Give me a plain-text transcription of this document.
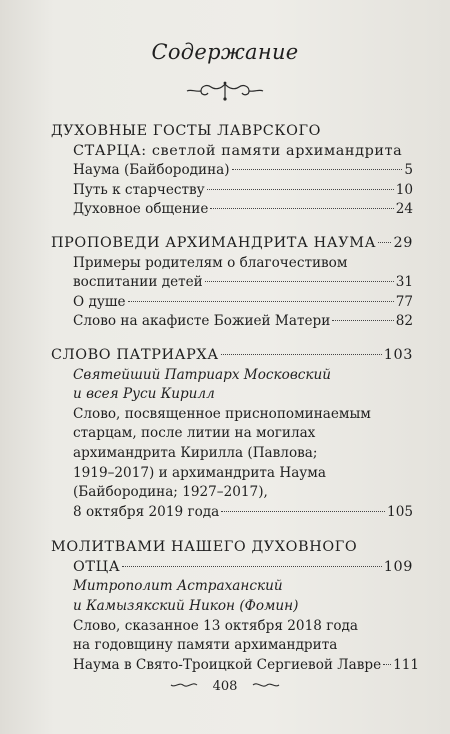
Содержание
ДУХОВНЫЕ ГОСТЫ ЛАВРСКОГО
СТАРЦА: светлой памяти архимандрита
Наума (Байбородина)	5
Путь к старчеству	10
Духовное общение	24
ПРОПОВЕДИ АРХИМАНДРИТА НАУМА 29
Примеры родителям о благочестивом
воспитании детей	31
О душе	77
Слово на акафисте Божией Матери	82
СЛОВО ПАТРИАРХА	103
Святейший Патриарх Московский
и всея Руси Кирилл
Слово, посвященное приснопоминаемым
старцам, после литии на могилах
архимандрита Кирилла (Павлова;
1919–2017) и архимандрита Наума
(Байбородина; 1927–2017),
8 октября 2019 года	105
МОЛИТВАМИ НАШЕГО ДУХОВНОГО
ОТЦА	109
Митрополит Астраханский
и Камызякский Никон (Фомин)
Слово, сказанное 13 октября 2018 года
на годовщину памяти архимандрита
Наума в Свято-Троицкой Сергиевой Лавре 111
408
